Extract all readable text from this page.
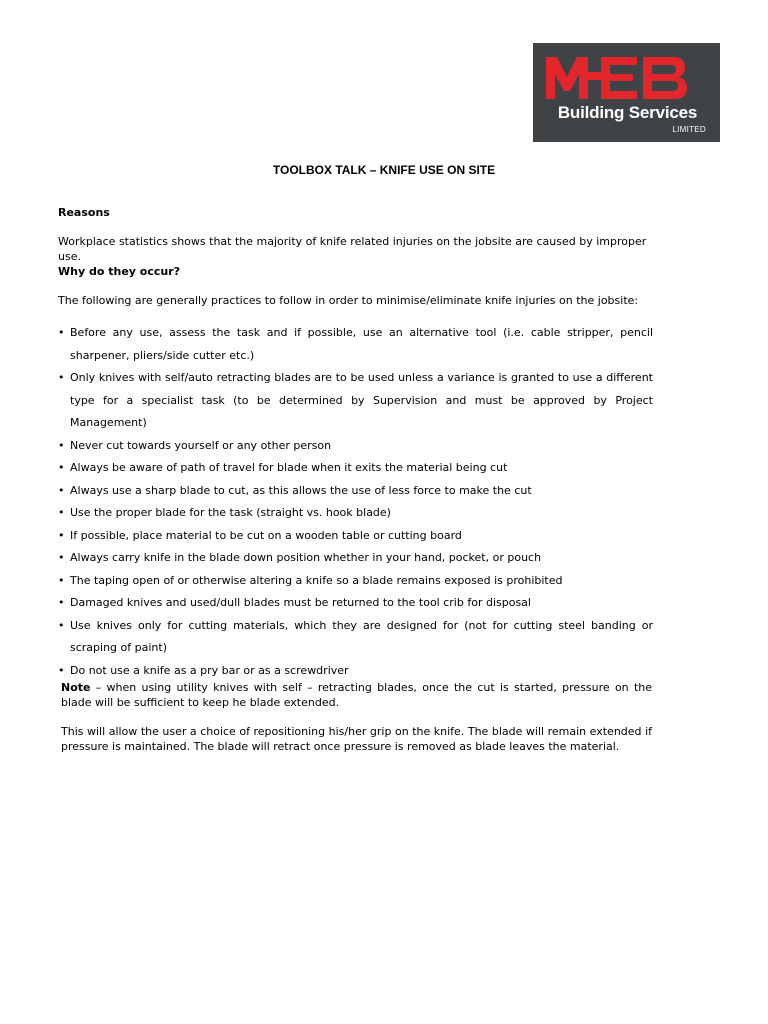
Building Services
LIMITED
TOOLBOX TALK – KNIFE USE ON SITE
Reasons
Workplace statistics shows that the majority of knife related injuries on the jobsite are caused by improper use.
Why do they occur?
The following are generally practices to follow in order to minimise/eliminate knife injuries on the jobsite:
• Before any use, assess the task and if possible, use an alternative tool (i.e. cable stripper, pencil sharpener, pliers/side cutter etc.)
• Only knives with self/auto retracting blades are to be used unless a variance is granted to use a different type for a specialist task (to be determined by Supervision and must be approved by Project Management)
• Never cut towards yourself or any other person
• Always be aware of path of travel for blade when it exits the material being cut
• Always use a sharp blade to cut, as this allows the use of less force to make the cut
• Use the proper blade for the task (straight vs. hook blade)
• If possible, place material to be cut on a wooden table or cutting board
• Always carry knife in the blade down position whether in your hand, pocket, or pouch
• The taping open of or otherwise altering a knife so a blade remains exposed is prohibited
• Damaged knives and used/dull blades must be returned to the tool crib for disposal
• Use knives only for cutting materials, which they are designed for (not for cutting steel banding or scraping of paint)
• Do not use a knife as a pry bar or as a screwdriver
Note – when using utility knives with self – retracting blades, once the cut is started, pressure on the blade will be sufficient to keep he blade extended.
This will allow the user a choice of repositioning his/her grip on the knife. The blade will remain extended if pressure is maintained. The blade will retract once pressure is removed as blade leaves the material.
